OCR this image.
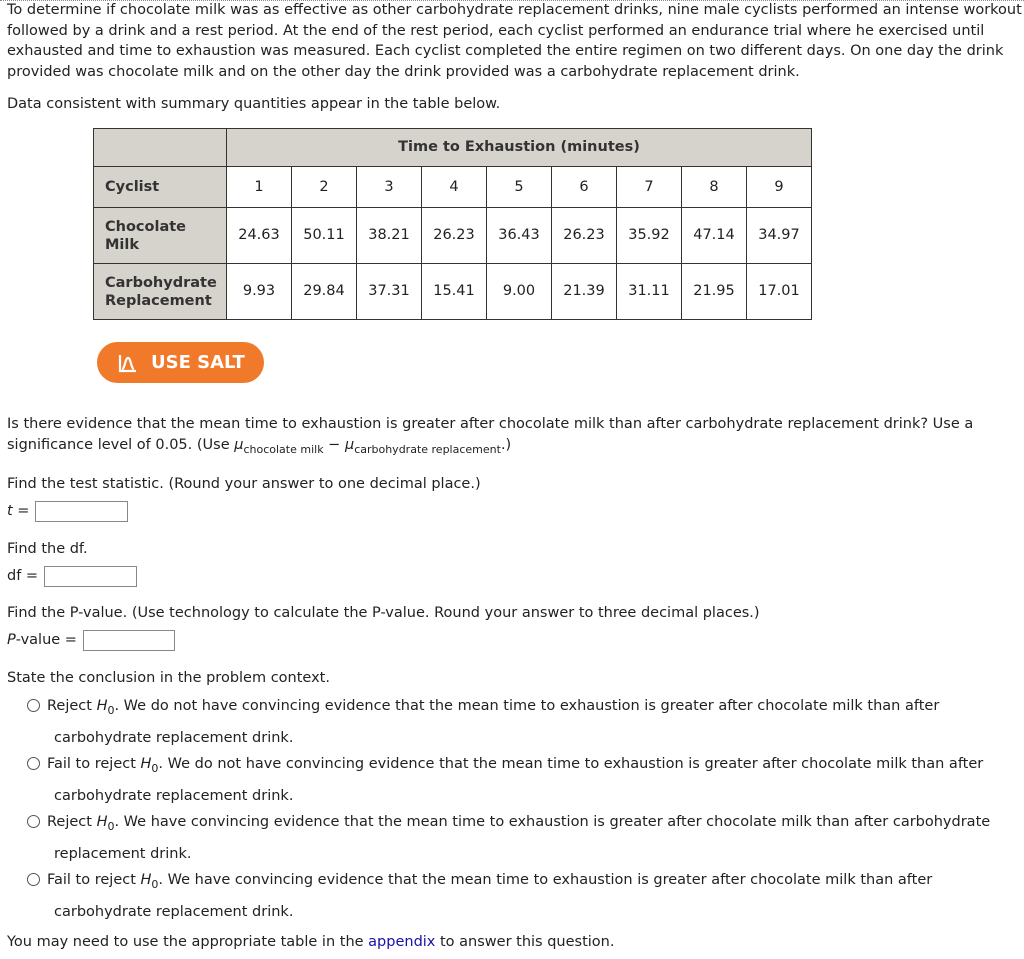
To determine if chocolate milk was as effective as other carbohydrate replacement drinks, nine male cyclists performed an intense workout followed by a drink and a rest period. At the end of the rest period, each cyclist performed an endurance trial where he exercised until exhausted and time to exhaustion was measured. Each cyclist completed the entire regimen on two different days. On one day the drink provided was chocolate milk and on the other day the drink provided was a carbohydrate replacement drink.
Data consistent with summary quantities appear in the table below.
	Time to Exhaustion (minutes)								
Cyclist	1	2	3	4	5	6	7	8	9
Chocolate
Milk	24.63	50.11	38.21	26.23	36.43	26.23	35.92	47.14	34.97
Carbohydrate
Replacement	9.93	29.84	37.31	15.41	9.00	21.39	31.11	21.95	17.01
USE SALT
Is there evidence that the mean time to exhaustion is greater after chocolate milk than after carbohydrate replacement drink? Use a significance level of 0.05. (Use $\mu_{chocolate milk} - \mu_{carbohydrate replacement}$.)
Find the test statistic. (Round your answer to one decimal place.)
t =
Find the df.
df =
Find the P-value. (Use technology to calculate the P-value. Round your answer to three decimal places.)
P-value =
State the conclusion in the problem context.
Reject $H_0$. We do not have convincing evidence that the mean time to exhaustion is greater after chocolate milk than after
carbohydrate replacement drink.
Fail to reject $H_0$. We do not have convincing evidence that the mean time to exhaustion is greater after chocolate milk than after
carbohydrate replacement drink.
Reject $H_0$. We have convincing evidence that the mean time to exhaustion is greater after chocolate milk than after carbohydrate
replacement drink.
Fail to reject $H_0$. We have convincing evidence that the mean time to exhaustion is greater after chocolate milk than after
carbohydrate replacement drink.
You may need to use the appropriate table in the appendix to answer this question.
